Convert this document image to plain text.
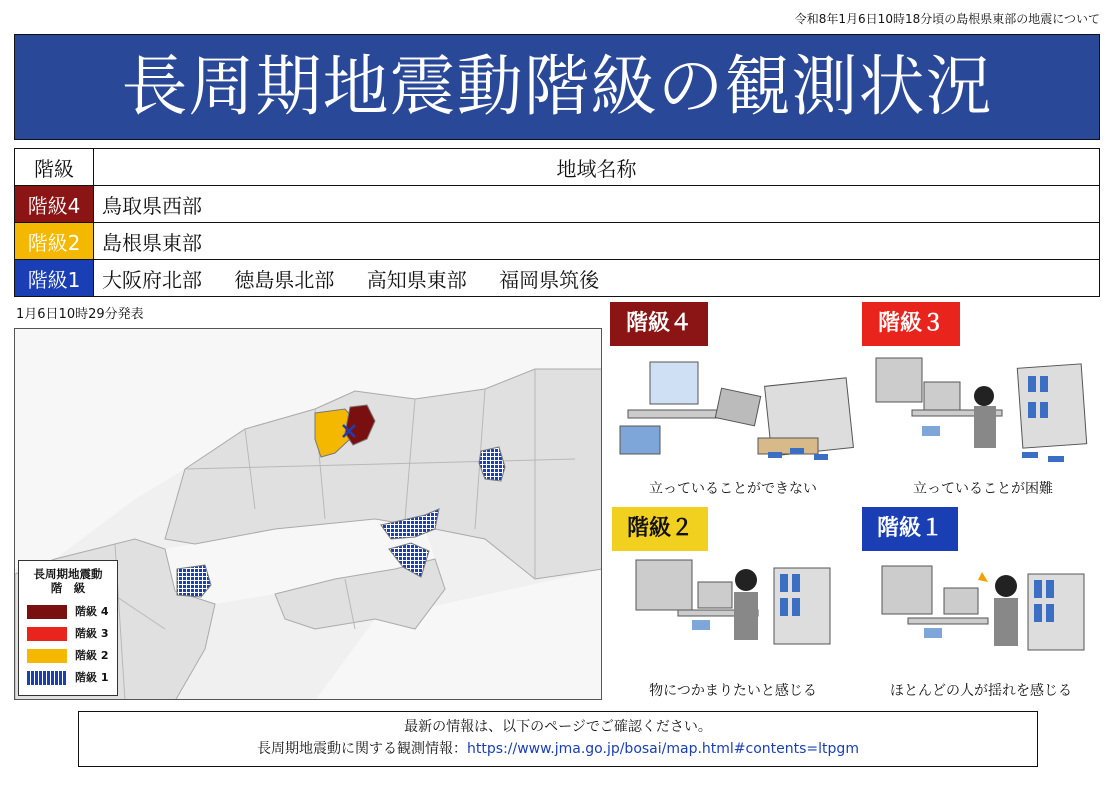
令和8年1月6日10時18分頃の島根県東部の地震について
長周期地震動階級の観測状況
階級	地域名称
階級4	鳥取県西部
階級2	島根県東部
階級1	大阪府北部 徳島県北部 高知県東部 福岡県筑後
1月6日10時29分発表
長周期地震動
階　級
階級 4
階級 3
階級 2
階級 1
階級４
立っていることができない
階級３
立っていることが困難
階級２
物につかまりたいと感じる
階級１
ほとんどの人が揺れを感じる
最新の情報は、以下のページでご確認ください。
長周期地震動に関する観測情報：https://www.jma.go.jp/bosai/map.html#contents=ltpgm
